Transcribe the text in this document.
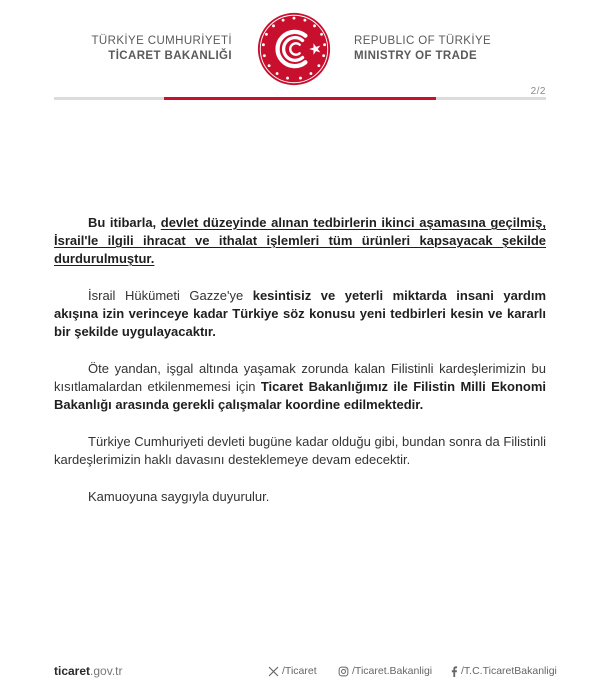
TÜRKİYE CUMHURİYETİ
TİCARET BAKANLIĞI
REPUBLIC OF TÜRKİYE
MINISTRY OF TRADE
2/2

Bu itibarla, devlet düzeyinde alınan tedbirlerin ikinci aşamasına geçilmiş, İsrail'le ilgili ihracat ve ithalat işlemleri tüm ürünleri kapsayacak şekilde durdurulmuştur.

İsrail Hükümeti Gazze'ye kesintisiz ve yeterli miktarda insani yardım akışına izin verinceye kadar Türkiye söz konusu yeni tedbirleri kesin ve kararlı bir şekilde uygulayacaktır.

Öte yandan, işgal altında yaşamak zorunda kalan Filistinli kardeşlerimizin bu kısıtlamalardan etkilenmemesi için Ticaret Bakanlığımız ile Filistin Milli Ekonomi Bakanlığı arasında gerekli çalışmalar koordine edilmektedir.

Türkiye Cumhuriyeti devleti bugüne kadar olduğu gibi, bundan sonra da Filistinli kardeşlerimizin haklı davasını desteklemeye devam edecektir.

Kamuoyuna saygıyla duyurulur.

ticaret.gov.tr	/Ticaret	/Ticaret.Bakanligi	/T.C.TicaretBakanligi
